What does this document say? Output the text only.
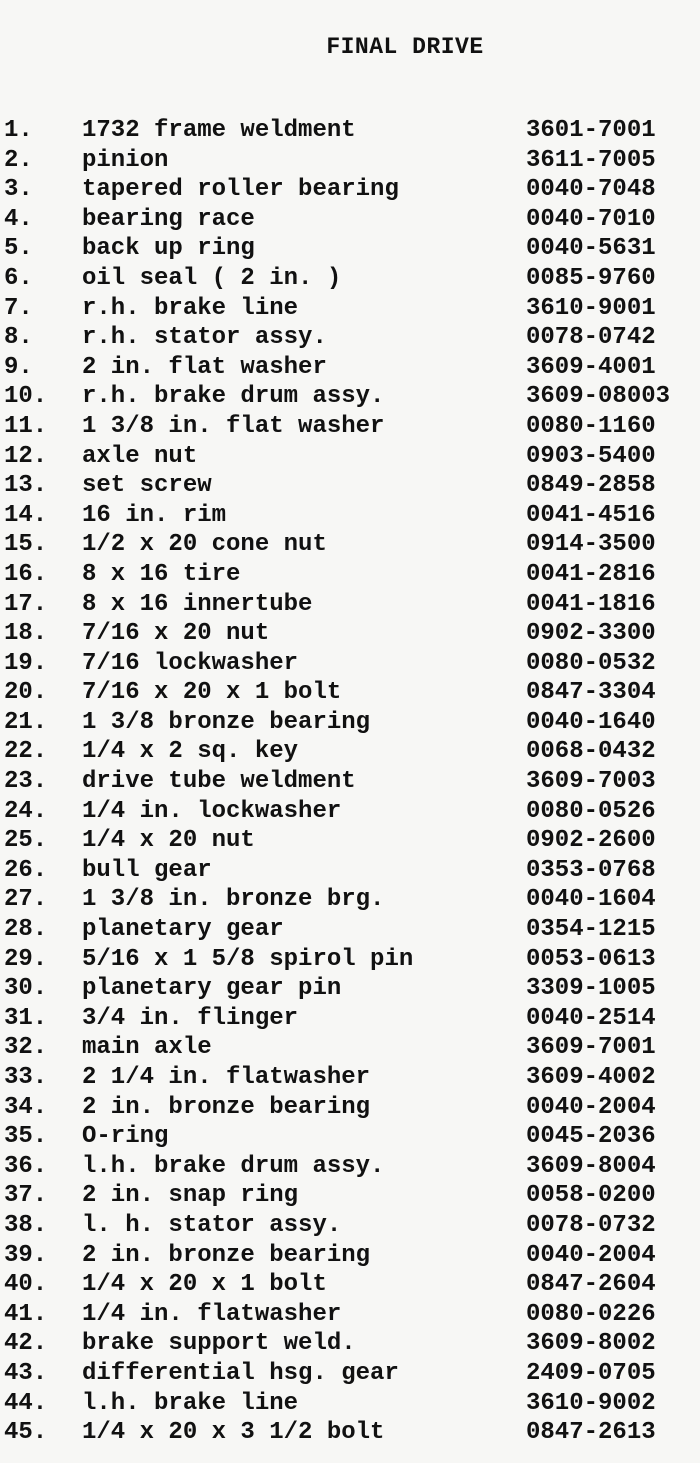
FINAL DRIVE
1. 1732 frame weldment	3601-7001
2. pinion	3611-7005
3. tapered roller bearing	0040-7048
4. bearing race	0040-7010
5. back up ring	0040-5631
6. oil seal ( 2 in. )	0085-9760
7. r.h. brake line	3610-9001
8. r.h. stator assy.	0078-0742
9. 2 in. flat washer	3609-4001
10. r.h. brake drum assy.	3609-08003
11. 1 3/8 in. flat washer	0080-1160
12. axle nut	0903-5400
13. set screw	0849-2858
14. 16 in. rim	0041-4516
15. 1/2 x 20 cone nut	0914-3500
16. 8 x 16 tire	0041-2816
17. 8 x 16 innertube	0041-1816
18. 7/16 x 20 nut	0902-3300
19. 7/16 lockwasher	0080-0532
20. 7/16 x 20 x 1 bolt	0847-3304
21. 1 3/8 bronze bearing	0040-1640
22. 1/4 x 2 sq. key	0068-0432
23. drive tube weldment	3609-7003
24. 1/4 in. lockwasher	0080-0526
25. 1/4 x 20 nut	0902-2600
26. bull gear	0353-0768
27. 1 3/8 in. bronze brg.	0040-1604
28. planetary gear	0354-1215
29. 5/16 x 1 5/8 spirol pin	0053-0613
30. planetary gear pin	3309-1005
31. 3/4 in. flinger	0040-2514
32. main axle	3609-7001
33. 2 1/4 in. flatwasher	3609-4002
34. 2 in. bronze bearing	0040-2004
35. O-ring	0045-2036
36. l.h. brake drum assy.	3609-8004
37. 2 in. snap ring	0058-0200
38. l. h. stator assy.	0078-0732
39. 2 in. bronze bearing	0040-2004
40. 1/4 x 20 x 1 bolt	0847-2604
41. 1/4 in. flatwasher	0080-0226
42. brake support weld.	3609-8002
43. differential hsg. gear	2409-0705
44. l.h. brake line	3610-9002
45. 1/4 x 20 x 3 1/2 bolt	0847-2613
